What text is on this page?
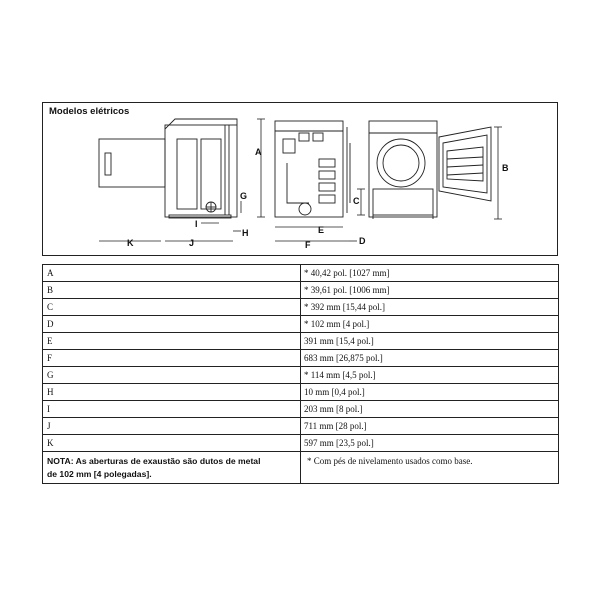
Modelos elétricos
A
B
C
D
E
F
G
H
I
J
K
A	* 40,42 pol. [1027 mm]
B	* 39,61 pol. [1006 mm]
C	* 392 mm [15,44 pol.]
D	* 102 mm [4 pol.]
E	391 mm [15,4 pol.]
F	683 mm [26,875 pol.]
G	* 114 mm [4,5 pol.]
H	10 mm [0,4 pol.]
I	203 mm [8 pol.]
J	711 mm [28 pol.]
K	597 mm [23,5 pol.]
NOTA: As aberturas de exaustão são dutos de metal
de 102 mm [4 polegadas].	* Com pés de nivelamento usados como base.
